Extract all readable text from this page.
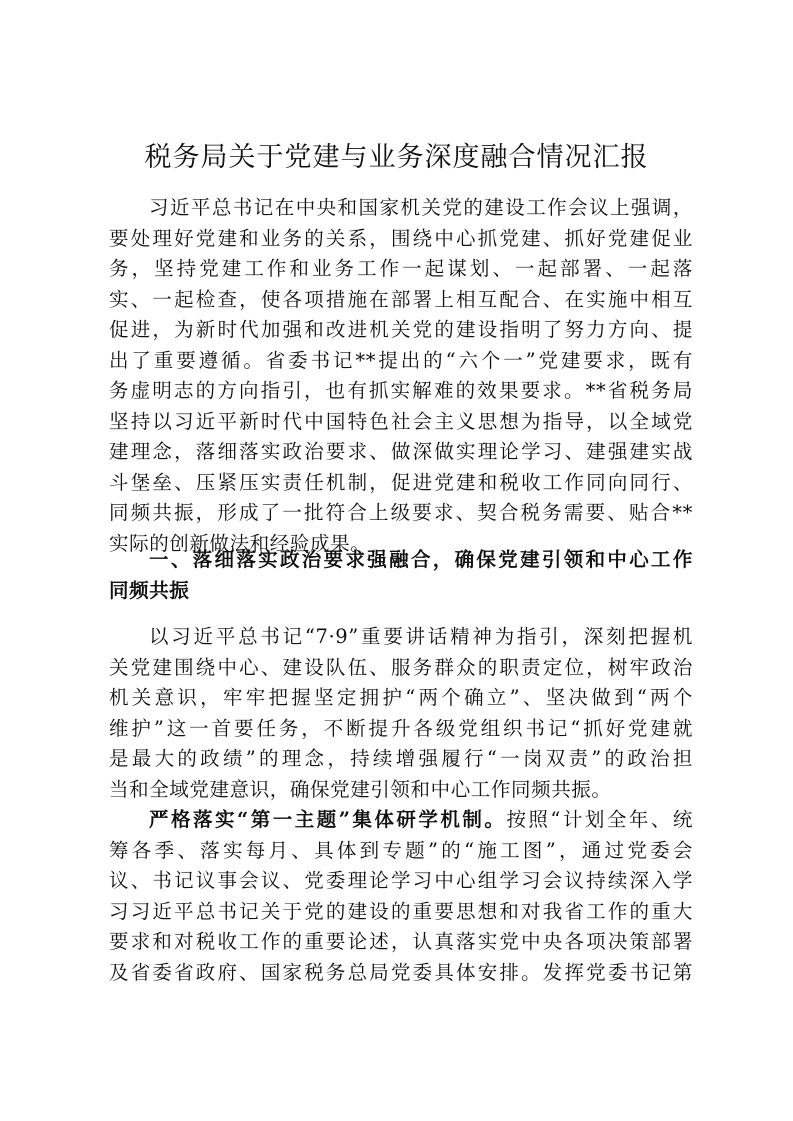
税务局关于党建与业务深度融合情况汇报
习近平总书记在中央和国家机关党的建设工作会议上强调，
要处理好党建和业务的关系，围绕中心抓党建、抓好党建促业
务，坚持党建工作和业务工作一起谋划、一起部署、一起落
实、一起检查，使各项措施在部署上相互配合、在实施中相互
促进，为新时代加强和改进机关党的建设指明了努力方向、提
出了重要遵循。省委书记**提出的“六个一”党建要求，既有
务虚明志的方向指引，也有抓实解难的效果要求。**省税务局
坚持以习近平新时代中国特色社会主义思想为指导，以全域党
建理念，落细落实政治要求、做深做实理论学习、建强建实战
斗堡垒、压紧压实责任机制，促进党建和税收工作同向同行、
同频共振，形成了一批符合上级要求、契合税务需要、贴合**
实际的创新做法和经验成果。
一、落细落实政治要求强融合，确保党建引领和中心工作
同频共振
以习近平总书记“7·9”重要讲话精神为指引，深刻把握机
关党建围绕中心、建设队伍、服务群众的职责定位，树牢政治
机关意识，牢牢把握坚定拥护“两个确立”、坚决做到“两个
维护”这一首要任务，不断提升各级党组织书记“抓好党建就
是最大的政绩”的理念，持续增强履行“一岗双责”的政治担
当和全域党建意识，确保党建引领和中心工作同频共振。
严格落实“第一主题”集体研学机制。按照“计划全年、统
筹各季、落实每月、具体到专题”的“施工图”，通过党委会
议、书记议事会议、党委理论学习中心组学习会议持续深入学
习习近平总书记关于党的建设的重要思想和对我省工作的重大
要求和对税收工作的重要论述，认真落实党中央各项决策部署
及省委省政府、国家税务总局党委具体安排。发挥党委书记第
